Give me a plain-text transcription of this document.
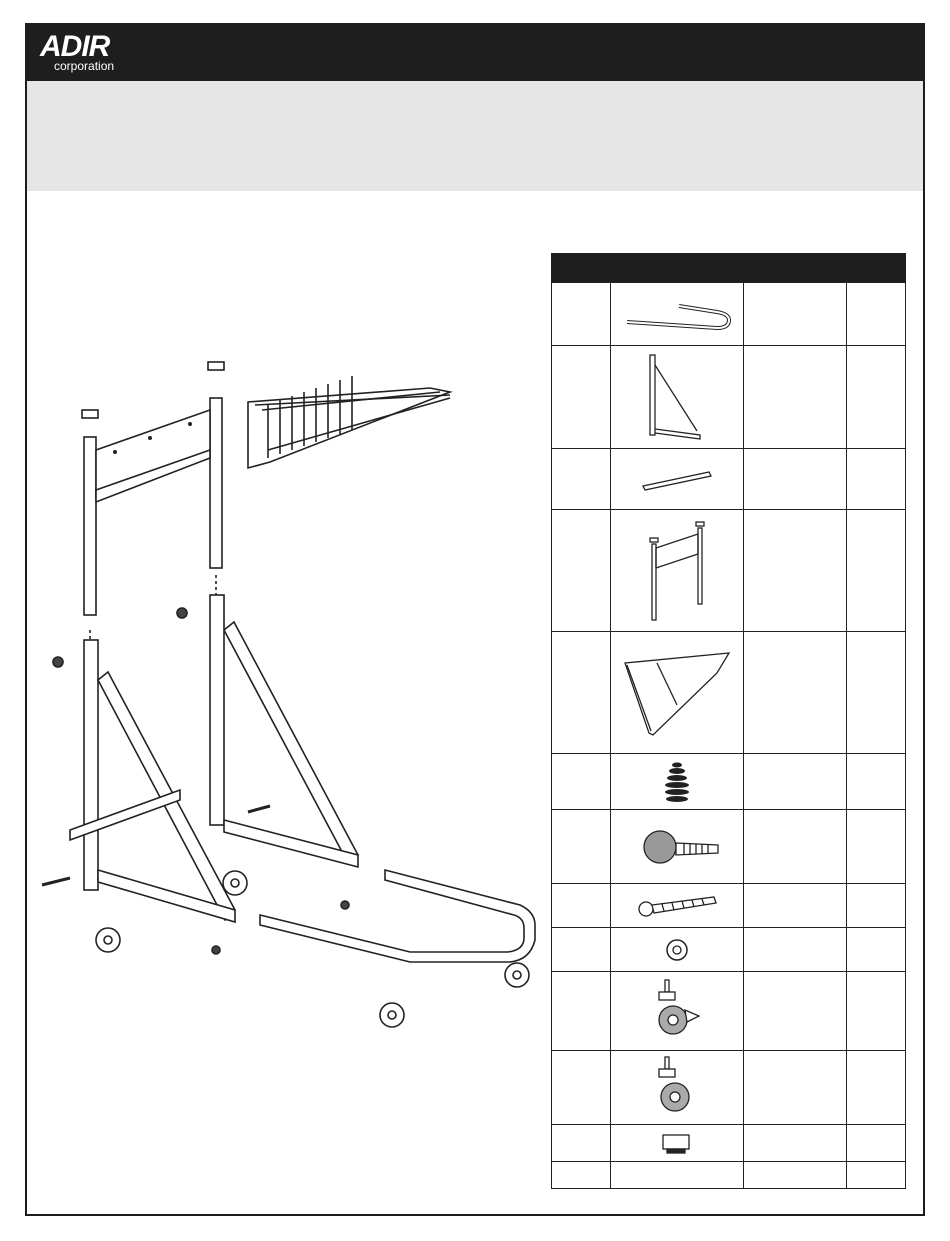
ADIR
corporation
